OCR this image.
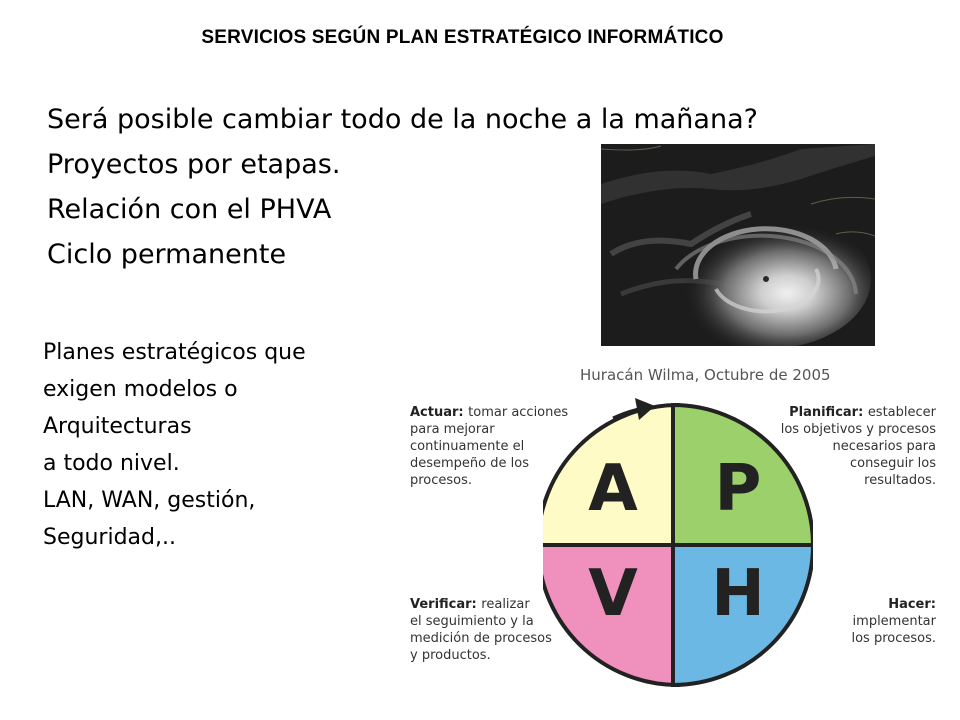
SERVICIOS SEGÚN PLAN ESTRATÉGICO INFORMÁTICO
Será posible cambiar todo de la noche a la mañana?
Proyectos por etapas.
Relación con el PHVA
Ciclo permanente
Planes estratégicos que
exigen modelos o
Arquitecturas
a todo nivel.
LAN, WAN, gestión,
Seguridad,..
Huracán Wilma, Octubre de 2005
Actuar: tomar acciones
para mejorar
continuamente el
desempeño de los
procesos.
Planificar: establecer
los objetivos y procesos
necesarios para
conseguir los
resultados.
Verificar: realizar
el seguimiento y la
medición de procesos
y productos.
Hacer:
implementar
los procesos.
A P
V H
